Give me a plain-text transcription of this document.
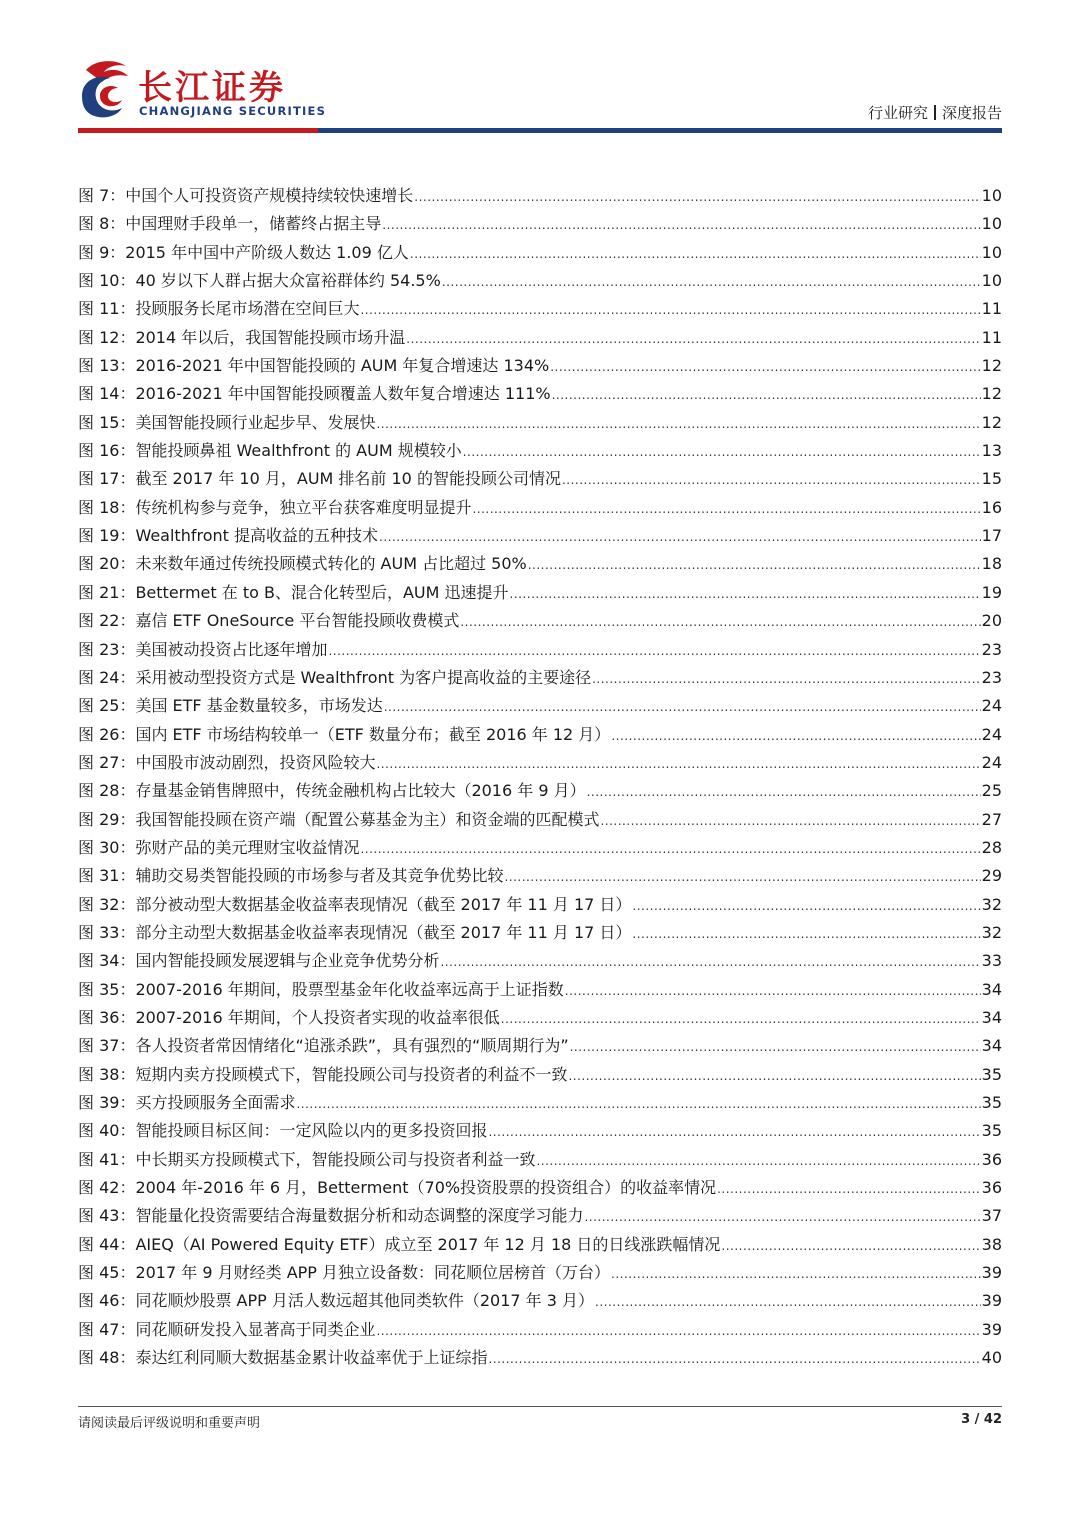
长江证券
CHANGJIANG SECURITIES	行业研究 深度报告
图 7：中国个人可投资资产规模持续较快速增长 .....	10
图 8：中国理财手段单一，储蓄终占据主导 .....	10
图 9：2015 年中国中产阶级人数达 1.09 亿人 .....	10
图 10：40 岁以下人群占据大众富裕群体约 54.5% .....	10
图 11：投顾服务长尾市场潜在空间巨大 .....	11
图 12：2014 年以后，我国智能投顾市场升温 .....	11
图 13：2016-2021 年中国智能投顾的 AUM 年复合增速达 134% .....	12
图 14：2016-2021 年中国智能投顾覆盖人数年复合增速达 111% .....	12
图 15：美国智能投顾行业起步早、发展快 .....	12
图 16：智能投顾鼻祖 Wealthfront 的 AUM 规模较小 .....	13
图 17：截至 2017 年 10 月，AUM 排名前 10 的智能投顾公司情况 .....	15
图 18：传统机构参与竞争，独立平台获客难度明显提升 .....	16
图 19：Wealthfront 提高收益的五种技术 .....	17
图 20：未来数年通过传统投顾模式转化的 AUM 占比超过 50% .....	18
图 21：Bettermet 在 to B、混合化转型后，AUM 迅速提升 .....	19
图 22：嘉信 ETF OneSource 平台智能投顾收费模式 .....	20
图 23：美国被动投资占比逐年增加 .....	23
图 24：采用被动型投资方式是 Wealthfront 为客户提高收益的主要途径 .....	23
图 25：美国 ETF 基金数量较多，市场发达 .....	24
图 26：国内 ETF 市场结构较单一（ETF 数量分布；截至 2016 年 12 月） .....	24
图 27：中国股市波动剧烈，投资风险较大 .....	24
图 28：存量基金销售牌照中，传统金融机构占比较大（2016 年 9 月） .....	25
图 29：我国智能投顾在资产端（配置公募基金为主）和资金端的匹配模式 .....	27
图 30：弥财产品的美元理财宝收益情况 .....	28
图 31：辅助交易类智能投顾的市场参与者及其竞争优势比较 .....	29
图 32：部分被动型大数据基金收益率表现情况（截至 2017 年 11 月 17 日） .....	32
图 33：部分主动型大数据基金收益率表现情况（截至 2017 年 11 月 17 日） .....	32
图 34：国内智能投顾发展逻辑与企业竞争优势分析 .....	33
图 35：2007-2016 年期间，股票型基金年化收益率远高于上证指数 .....	34
图 36：2007-2016 年期间，个人投资者实现的收益率很低 .....	34
图 37：各人投资者常因情绪化“追涨杀跌”，具有强烈的“顺周期行为” .....	34
图 38：短期内卖方投顾模式下，智能投顾公司与投资者的利益不一致 .....	35
图 39：买方投顾服务全面需求 .....	35
图 40：智能投顾目标区间：一定风险以内的更多投资回报 .....	35
图 41：中长期买方投顾模式下，智能投顾公司与投资者利益一致 .....	36
图 42：2004 年-2016 年 6 月，Betterment（70%投资股票的投资组合）的收益率情况 .....	36
图 43：智能量化投资需要结合海量数据分析和动态调整的深度学习能力 .....	37
图 44：AIEQ（AI Powered Equity ETF）成立至 2017 年 12 月 18 日的日线涨跌幅情况 .....	38
图 45：2017 年 9 月财经类 APP 月独立设备数：同花顺位居榜首（万台） .....	39
图 46：同花顺炒股票 APP 月活人数远超其他同类软件（2017 年 3 月） .....	39
图 47：同花顺研发投入显著高于同类企业 .....	39
图 48：泰达红利同顺大数据基金累计收益率优于上证综指 .....	40
请阅读最后评级说明和重要声明	3 / 42
